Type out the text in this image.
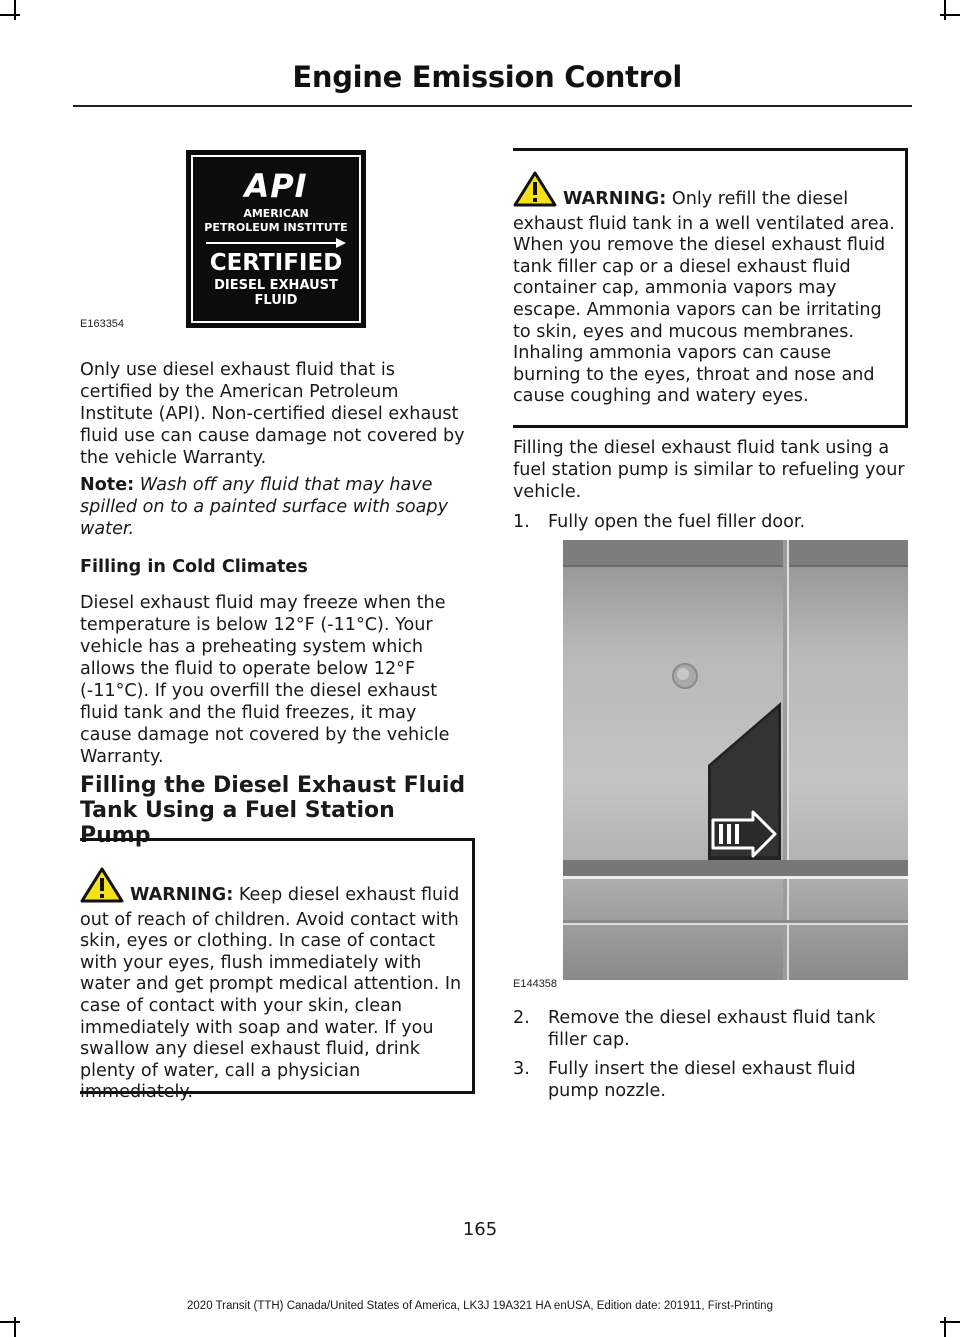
Engine Emission Control
API
AMERICAN
PETROLEUM INSTITUTE
CERTIFIED
DIESEL EXHAUST
FLUID
E163354

Only use diesel exhaust fluid that is certified by the American Petroleum Institute (API). Non-certified diesel exhaust fluid use can cause damage not covered by the vehicle Warranty.

Note: Wash off any fluid that may have spilled on to a painted surface with soapy water.

Filling in Cold Climates

Diesel exhaust fluid may freeze when the temperature is below 12°F (-11°C). Your vehicle has a preheating system which allows the fluid to operate below 12°F (-11°C). If you overfill the diesel exhaust fluid tank and the fluid freezes, it may cause damage not covered by the vehicle Warranty.

Filling the Diesel Exhaust Fluid Tank Using a Fuel Station Pump
WARNING: Keep diesel exhaust fluid out of reach of children. Avoid contact with skin, eyes or clothing. In case of contact with your eyes, flush immediately with water and get prompt medical attention. In case of contact with your skin, clean immediately with soap and water. If you swallow any diesel exhaust fluid, drink plenty of water, call a physician immediately.
WARNING: Only refill the diesel exhaust fluid tank in a well ventilated area. When you remove the diesel exhaust fluid tank filler cap or a diesel exhaust fluid container cap, ammonia vapors may escape. Ammonia vapors can be irritating to skin, eyes and mucous membranes. Inhaling ammonia vapors can cause burning to the eyes, throat and nose and cause coughing and watery eyes.

Filling the diesel exhaust fluid tank using a fuel station pump is similar to refueling your vehicle.

1.	Fully open the fuel filler door.
E144358
2.	Remove the diesel exhaust fluid tank filler cap.
3.	Fully insert the diesel exhaust fluid pump nozzle.
165
2020 Transit (TTH) Canada/United States of America, LK3J 19A321 HA enUSA, Edition date: 201911, First-Printing
